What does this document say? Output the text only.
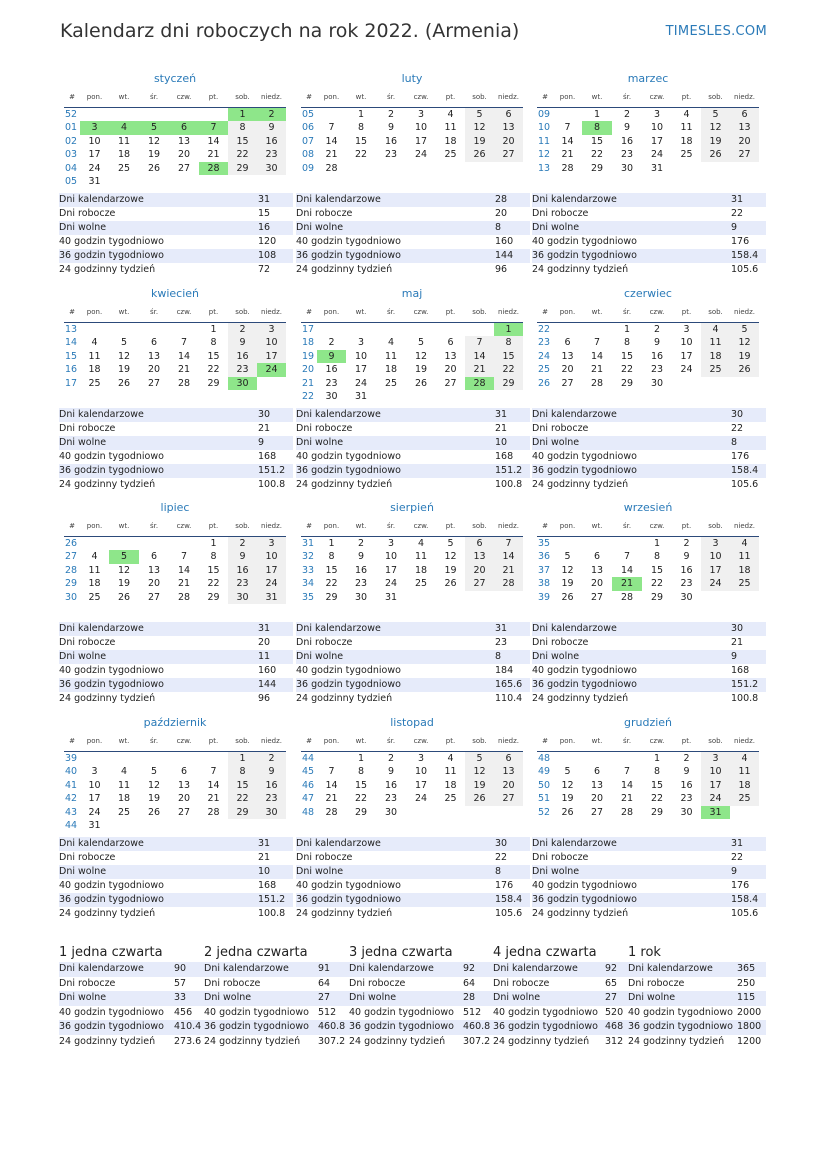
Kalendarz dni roboczych na rok 2022. (Armenia)	TIMESLES.COM
styczeń
#	pon.	wt.	śr.	czw.	pt.	sob.	niedz.
52						1	2
01	3	4	5	6	7	8	9
02	10	11	12	13	14	15	16
03	17	18	19	20	21	22	23
04	24	25	26	27	28	29	30
05	31						
Dni kalendarzowe	31
Dni robocze	15
Dni wolne	16
40 godzin tygodniowo	120
36 godzin tygodniowo	108
24 godzinny tydzień	72
luty
#	pon.	wt.	śr.	czw.	pt.	sob.	niedz.
05		1	2	3	4	5	6
06	7	8	9	10	11	12	13
07	14	15	16	17	18	19	20
08	21	22	23	24	25	26	27
09	28						
Dni kalendarzowe	28
Dni robocze	20
Dni wolne	8
40 godzin tygodniowo	160
36 godzin tygodniowo	144
24 godzinny tydzień	96
marzec
#	pon.	wt.	śr.	czw.	pt.	sob.	niedz.
09		1	2	3	4	5	6
10	7	8	9	10	11	12	13
11	14	15	16	17	18	19	20
12	21	22	23	24	25	26	27
13	28	29	30	31			
Dni kalendarzowe	31
Dni robocze	22
Dni wolne	9
40 godzin tygodniowo	176
36 godzin tygodniowo	158.4
24 godzinny tydzień	105.6
kwiecień
#	pon.	wt.	śr.	czw.	pt.	sob.	niedz.
13					1	2	3
14	4	5	6	7	8	9	10
15	11	12	13	14	15	16	17
16	18	19	20	21	22	23	24
17	25	26	27	28	29	30	
Dni kalendarzowe	30
Dni robocze	21
Dni wolne	9
40 godzin tygodniowo	168
36 godzin tygodniowo	151.2
24 godzinny tydzień	100.8
maj
#	pon.	wt.	śr.	czw.	pt.	sob.	niedz.
17							1
18	2	3	4	5	6	7	8
19	9	10	11	12	13	14	15
20	16	17	18	19	20	21	22
21	23	24	25	26	27	28	29
22	30	31					
Dni kalendarzowe	31
Dni robocze	21
Dni wolne	10
40 godzin tygodniowo	168
36 godzin tygodniowo	151.2
24 godzinny tydzień	100.8
czerwiec
#	pon.	wt.	śr.	czw.	pt.	sob.	niedz.
22			1	2	3	4	5
23	6	7	8	9	10	11	12
24	13	14	15	16	17	18	19
25	20	21	22	23	24	25	26
26	27	28	29	30			
Dni kalendarzowe	30
Dni robocze	22
Dni wolne	8
40 godzin tygodniowo	176
36 godzin tygodniowo	158.4
24 godzinny tydzień	105.6
lipiec
#	pon.	wt.	śr.	czw.	pt.	sob.	niedz.
26					1	2	3
27	4	5	6	7	8	9	10
28	11	12	13	14	15	16	17
29	18	19	20	21	22	23	24
30	25	26	27	28	29	30	31
Dni kalendarzowe	31
Dni robocze	20
Dni wolne	11
40 godzin tygodniowo	160
36 godzin tygodniowo	144
24 godzinny tydzień	96
sierpień
#	pon.	wt.	śr.	czw.	pt.	sob.	niedz.
31	1	2	3	4	5	6	7
32	8	9	10	11	12	13	14
33	15	16	17	18	19	20	21
34	22	23	24	25	26	27	28
35	29	30	31				
Dni kalendarzowe	31
Dni robocze	23
Dni wolne	8
40 godzin tygodniowo	184
36 godzin tygodniowo	165.6
24 godzinny tydzień	110.4
wrzesień
#	pon.	wt.	śr.	czw.	pt.	sob.	niedz.
35				1	2	3	4
36	5	6	7	8	9	10	11
37	12	13	14	15	16	17	18
38	19	20	21	22	23	24	25
39	26	27	28	29	30		
Dni kalendarzowe	30
Dni robocze	21
Dni wolne	9
40 godzin tygodniowo	168
36 godzin tygodniowo	151.2
24 godzinny tydzień	100.8
październik
#	pon.	wt.	śr.	czw.	pt.	sob.	niedz.
39						1	2
40	3	4	5	6	7	8	9
41	10	11	12	13	14	15	16
42	17	18	19	20	21	22	23
43	24	25	26	27	28	29	30
44	31						
Dni kalendarzowe	31
Dni robocze	21
Dni wolne	10
40 godzin tygodniowo	168
36 godzin tygodniowo	151.2
24 godzinny tydzień	100.8
listopad
#	pon.	wt.	śr.	czw.	pt.	sob.	niedz.
44		1	2	3	4	5	6
45	7	8	9	10	11	12	13
46	14	15	16	17	18	19	20
47	21	22	23	24	25	26	27
48	28	29	30				
Dni kalendarzowe	30
Dni robocze	22
Dni wolne	8
40 godzin tygodniowo	176
36 godzin tygodniowo	158.4
24 godzinny tydzień	105.6
grudzień
#	pon.	wt.	śr.	czw.	pt.	sob.	niedz.
48				1	2	3	4
49	5	6	7	8	9	10	11
50	12	13	14	15	16	17	18
51	19	20	21	22	23	24	25
52	26	27	28	29	30	31	
Dni kalendarzowe	31
Dni robocze	22
Dni wolne	9
40 godzin tygodniowo	176
36 godzin tygodniowo	158.4
24 godzinny tydzień	105.6
1 jedna czwarta
Dni kalendarzowe	90
Dni robocze	57
Dni wolne	33
40 godzin tygodniowo 456
36 godzin tygodniowo 410.4
24 godzinny tydzień 273.6
2 jedna czwarta
Dni kalendarzowe	91
Dni robocze	64
Dni wolne	27
40 godzin tygodniowo 512
36 godzin tygodniowo 460.8
24 godzinny tydzień 307.2
3 jedna czwarta
Dni kalendarzowe	92
Dni robocze	64
Dni wolne	28
40 godzin tygodniowo 512
36 godzin tygodniowo 460.8
24 godzinny tydzień 307.2
4 jedna czwarta
Dni kalendarzowe	92
Dni robocze	65
Dni wolne	27
40 godzin tygodniowo 520
36 godzin tygodniowo 468
24 godzinny tydzień 312
1 rok
Dni kalendarzowe	365
Dni robocze	250
Dni wolne	115
40 godzin tygodniowo 2000
36 godzin tygodniowo 1800
24 godzinny tydzień 1200
